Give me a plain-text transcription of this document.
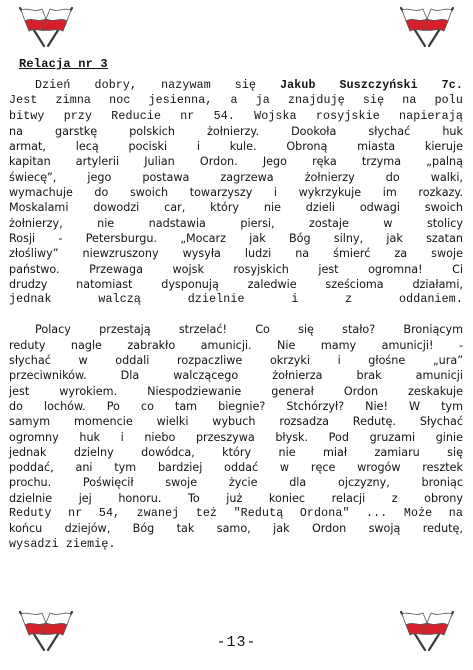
Relacja nr 3

Dzień dobry, nazywam się Jakub Suszczyński 7c.
Jest zimna noc jesienna, a ja znajduję się na polu
bitwy przy Reducie nr 54. Wojska rosyjskie napierają
na garstkę polskich żołnierzy. Dookoła słychać huk
armat, lecą pociski i kule. Obroną miasta kieruje
kapitan artylerii Julian Ordon. Jego ręka trzyma „palną
świecę”, jego postawa zagrzewa żołnierzy do walki,
wymachuje do swoich towarzyszy i wykrzykuje im rozkazy.
Moskalami dowodzi car, który nie dzieli odwagi swoich
żołnierzy, nie nadstawia piersi, zostaje w stolicy
Rosji - Petersburgu. „Mocarz jak Bóg silny, jak szatan
złośliwy” niewzruszony wysyła ludzi na śmierć za swoje
państwo. Przewaga wojsk rosyjskich jest ogromna! Ci
drudzy natomiast dysponują zaledwie sześcioma działami,
jednak walczą dzielnie i z oddaniem.

Polacy przestają strzelać! Co się stało? Broniącym
reduty nagle zabrakło amunicji. Nie mamy amunicji! -
słychać w oddali rozpaczliwe okrzyki i głośne „ura”
przeciwników. Dla walczącego żołnierza brak amunicji
jest wyrokiem. Niespodziewanie generał Ordon zeskakuje
do lochów. Po co tam biegnie? Stchórzył? Nie! W tym
samym momencie wielki wybuch rozsadza Redutę. Słychać
ogromny huk i niebo przeszywa błysk. Pod gruzami ginie
jednak dzielny dowódca, który nie miał zamiaru się
poddać, ani tym bardziej oddać w ręce wrogów resztek
prochu. Poświęcił swoje życie dla ojczyzny, broniąc
dzielnie jej honoru. To już koniec relacji z obrony
Reduty nr 54, zwanej też "Redutą Ordona" ... Może na
końcu dziejów, Bóg tak samo, jak Ordon swoją redutę,
wysadzi ziemię.

-13-
